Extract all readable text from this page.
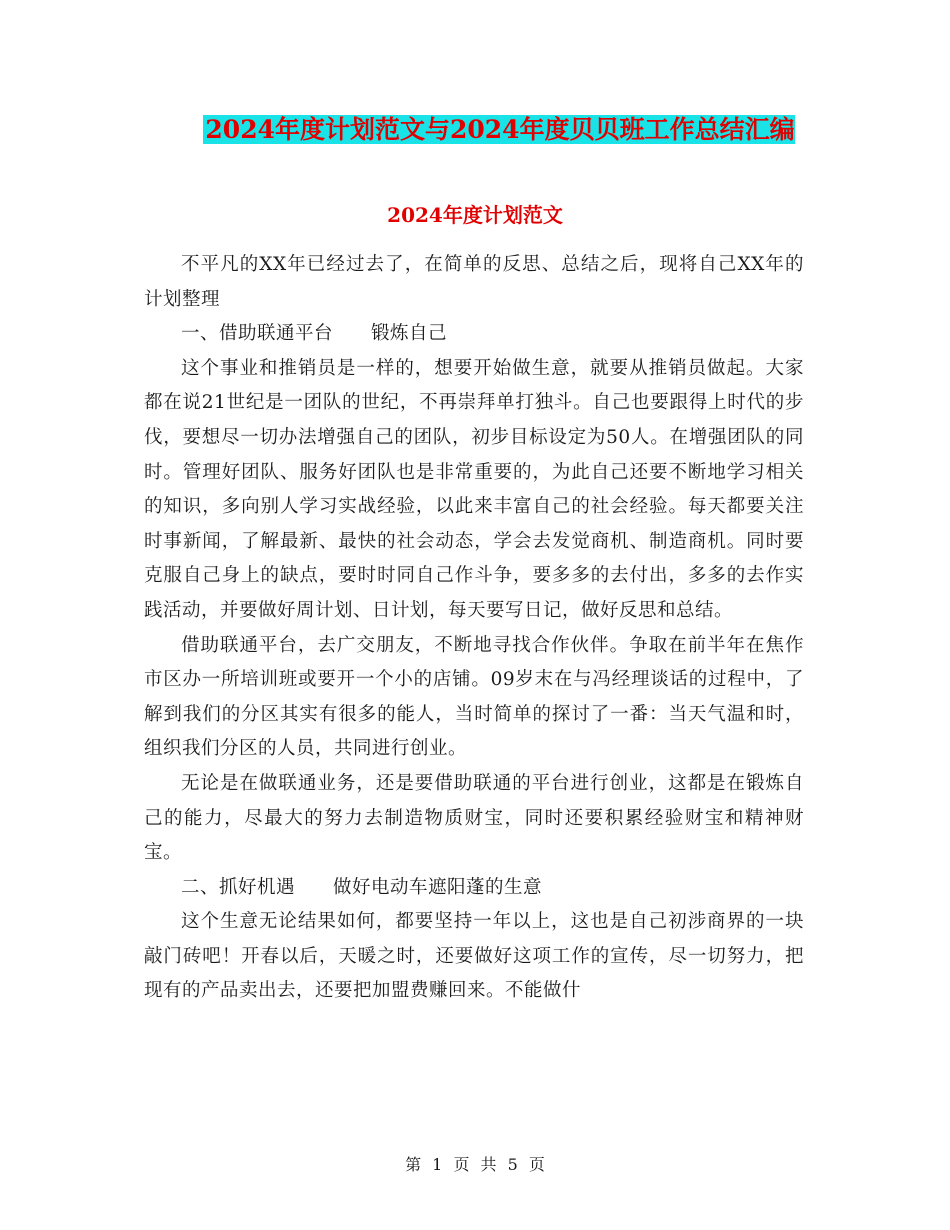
2024年度计划范文与2024年度贝贝班工作总结汇编
2024年度计划范文

不平凡的XX年已经过去了，在简单的反思、总结之后，现将自己XX年的计划整理

一、借助联通平台　　锻炼自己

这个事业和推销员是一样的，想要开始做生意，就要从推销员做起。大家都在说21世纪是一团队的世纪，不再崇拜单打独斗。自己也要跟得上时代的步伐，要想尽一切办法增强自己的团队，初步目标设定为50人。在增强团队的同时。管理好团队、服务好团队也是非常重要的，为此自己还要不断地学习相关的知识，多向别人学习实战经验，以此来丰富自己的社会经验。每天都要关注时事新闻，了解最新、最快的社会动态，学会去发觉商机、制造商机。同时要克服自己身上的缺点，要时时同自己作斗争，要多多的去付出，多多的去作实践活动，并要做好周计划、日计划，每天要写日记，做好反思和总结。

借助联通平台，去广交朋友，不断地寻找合作伙伴。争取在前半年在焦作市区办一所培训班或要开一个小的店铺。09岁末在与冯经理谈话的过程中，了解到我们的分区其实有很多的能人，当时简单的探讨了一番：当天气温和时，组织我们分区的人员，共同进行创业。

无论是在做联通业务，还是要借助联通的平台进行创业，这都是在锻炼自己的能力，尽最大的努力去制造物质财宝，同时还要积累经验财宝和精神财宝。

二、抓好机遇　　做好电动车遮阳蓬的生意

这个生意无论结果如何，都要坚持一年以上，这也是自己初涉商界的一块敲门砖吧！开春以后，天暖之时，还要做好这项工作的宣传，尽一切努力，把现有的产品卖出去，还要把加盟费赚回来。不能做什

第 1 页 共 5 页
